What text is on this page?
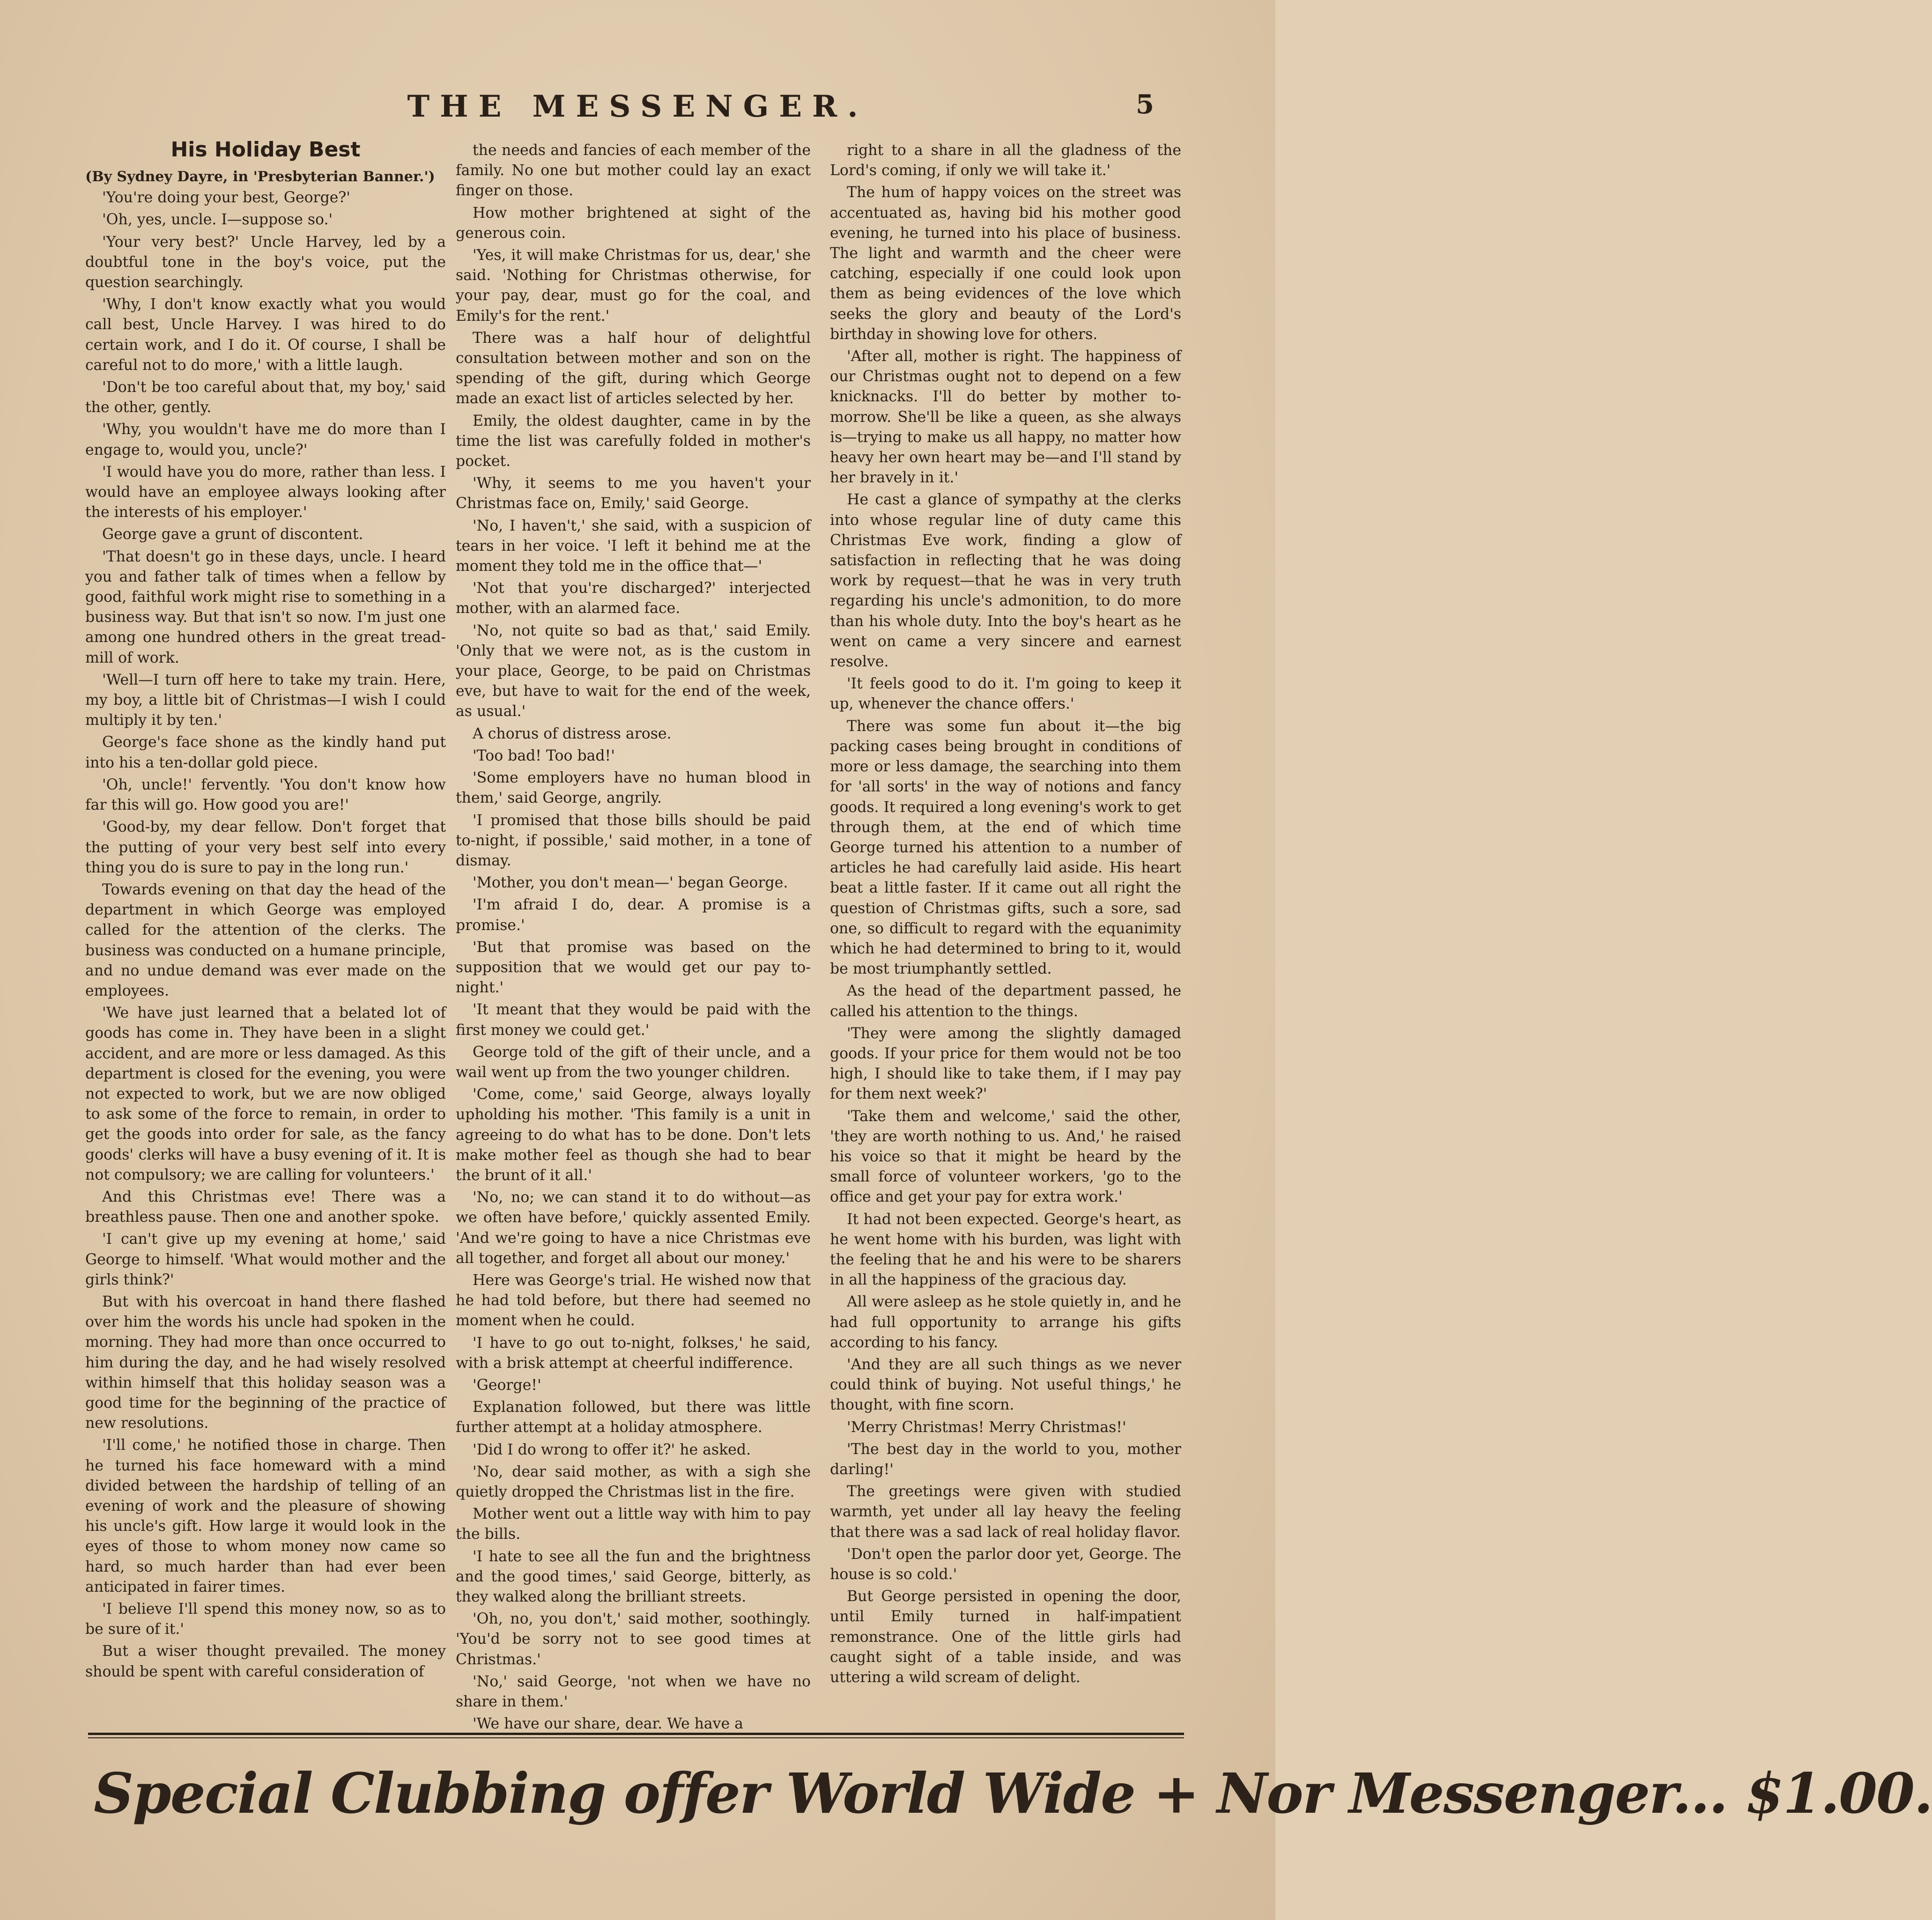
THE MESSENGER.	5
His Holiday Best

(By Sydney Dayre, in 'Presbyterian Banner.')

'You're doing your best, George?'

'Oh, yes, uncle. I—suppose so.'

'Your very best?' Uncle Harvey, led by a doubtful tone in the boy's voice, put the question searchingly.

'Why, I don't know exactly what you would call best, Uncle Harvey. I was hired to do certain work, and I do it. Of course, I shall be careful not to do more,' with a little laugh.

'Don't be too careful about that, my boy,' said the other, gently.

'Why, you wouldn't have me do more than I engage to, would you, uncle?'

'I would have you do more, rather than less. I would have an employee always looking after the interests of his employer.'

George gave a grunt of discontent.

'That doesn't go in these days, uncle. I heard you and father talk of times when a fellow by good, faithful work might rise to something in a business way. But that isn't so now. I'm just one among one hundred others in the great tread-mill of work.

'Well—I turn off here to take my train. Here, my boy, a little bit of Christmas—I wish I could multiply it by ten.'

George's face shone as the kindly hand put into his a ten-dollar gold piece.

'Oh, uncle!' fervently. 'You don't know how far this will go. How good you are!'

'Good-by, my dear fellow. Don't forget that the putting of your very best self into every thing you do is sure to pay in the long run.'

Towards evening on that day the head of the department in which George was employed called for the attention of the clerks. The business was conducted on a humane principle, and no undue demand was ever made on the employees.

'We have just learned that a belated lot of goods has come in. They have been in a slight accident, and are more or less damaged. As this department is closed for the evening, you were not expected to work, but we are now obliged to ask some of the force to remain, in order to get the goods into order for sale, as the fancy goods' clerks will have a busy evening of it. It is not compulsory; we are calling for volunteers.'

And this Christmas eve! There was a breathless pause. Then one and another spoke.

'I can't give up my evening at home,' said George to himself. 'What would mother and the girls think?'

But with his overcoat in hand there flashed over him the words his uncle had spoken in the morning. They had more than once occurred to him during the day, and he had wisely resolved within himself that this holiday season was a good time for the beginning of the practice of new resolutions.

'I'll come,' he notified those in charge. Then he turned his face homeward with a mind divided between the hardship of telling of an evening of work and the pleasure of showing his uncle's gift. How large it would look in the eyes of those to whom money now came so hard, so much harder than had ever been anticipated in fairer times.

'I believe I'll spend this money now, so as to be sure of it.'

But a wiser thought prevailed. The money should be spent with careful consideration of

the needs and fancies of each member of the family. No one but mother could lay an exact finger on those.

How mother brightened at sight of the generous coin.

'Yes, it will make Christmas for us, dear,' she said. 'Nothing for Christmas otherwise, for your pay, dear, must go for the coal, and Emily's for the rent.'

There was a half hour of delightful consultation between mother and son on the spending of the gift, during which George made an exact list of articles selected by her.

Emily, the oldest daughter, came in by the time the list was carefully folded in mother's pocket.

'Why, it seems to me you haven't your Christmas face on, Emily,' said George.

'No, I haven't,' she said, with a suspicion of tears in her voice. 'I left it behind me at the moment they told me in the office that—'

'Not that you're discharged?' interjected mother, with an alarmed face.

'No, not quite so bad as that,' said Emily. 'Only that we were not, as is the custom in your place, George, to be paid on Christmas eve, but have to wait for the end of the week, as usual.'

A chorus of distress arose.

'Too bad! Too bad!'

'Some employers have no human blood in them,' said George, angrily.

'I promised that those bills should be paid to-night, if possible,' said mother, in a tone of dismay.

'Mother, you don't mean—' began George.

'I'm afraid I do, dear. A promise is a promise.'

'But that promise was based on the supposition that we would get our pay to-night.'

'It meant that they would be paid with the first money we could get.'

George told of the gift of their uncle, and a wail went up from the two younger children.

'Come, come,' said George, always loyally upholding his mother. 'This family is a unit in agreeing to do what has to be done. Don't lets make mother feel as though she had to bear the brunt of it all.'

'No, no; we can stand it to do without—as we often have before,' quickly assented Emily. 'And we're going to have a nice Christmas eve all together, and forget all about our money.'

Here was George's trial. He wished now that he had told before, but there had seemed no moment when he could.

'I have to go out to-night, folkses,' he said, with a brisk attempt at cheerful indifference.

'George!'

Explanation followed, but there was little further attempt at a holiday atmosphere.

'Did I do wrong to offer it?' he asked.

'No, dear said mother, as with a sigh she quietly dropped the Christmas list in the fire.

Mother went out a little way with him to pay the bills.

'I hate to see all the fun and the brightness and the good times,' said George, bitterly, as they walked along the brilliant streets.

'Oh, no, you don't,' said mother, soothingly. 'You'd be sorry not to see good times at Christmas.'

'No,' said George, 'not when we have no share in them.'

'We have our share, dear. We have a

right to a share in all the gladness of the Lord's coming, if only we will take it.'

The hum of happy voices on the street was accentuated as, having bid his mother good evening, he turned into his place of business. The light and warmth and the cheer were catching, especially if one could look upon them as being evidences of the love which seeks the glory and beauty of the Lord's birthday in showing love for others.

'After all, mother is right. The happiness of our Christmas ought not to depend on a few knicknacks. I'll do better by mother to-morrow. She'll be like a queen, as she always is—trying to make us all happy, no matter how heavy her own heart may be—and I'll stand by her bravely in it.'

He cast a glance of sympathy at the clerks into whose regular line of duty came this Christmas Eve work, finding a glow of satisfaction in reflecting that he was doing work by request—that he was in very truth regarding his uncle's admonition, to do more than his whole duty. Into the boy's heart as he went on came a very sincere and earnest resolve.

'It feels good to do it. I'm going to keep it up, whenever the chance offers.'

There was some fun about it—the big packing cases being brought in conditions of more or less damage, the searching into them for 'all sorts' in the way of notions and fancy goods. It required a long evening's work to get through them, at the end of which time George turned his attention to a number of articles he had carefully laid aside. His heart beat a little faster. If it came out all right the question of Christmas gifts, such a sore, sad one, so difficult to regard with the equanimity which he had determined to bring to it, would be most triumphantly settled.

As the head of the department passed, he called his attention to the things.

'They were among the slightly damaged goods. If your price for them would not be too high, I should like to take them, if I may pay for them next week?'

'Take them and welcome,' said the other, 'they are worth nothing to us. And,' he raised his voice so that it might be heard by the small force of volunteer workers, 'go to the office and get your pay for extra work.'

It had not been expected. George's heart, as he went home with his burden, was light with the feeling that he and his were to be sharers in all the happiness of the gracious day.

All were asleep as he stole quietly in, and he had full opportunity to arrange his gifts according to his fancy.

'And they are all such things as we never could think of buying. Not useful things,' he thought, with fine scorn.

'Merry Christmas! Merry Christmas!'

'The best day in the world to you, mother darling!'

The greetings were given with studied warmth, yet under all lay heavy the feeling that there was a sad lack of real holiday flavor.

'Don't open the parlor door yet, George. The house is so cold.'

But George persisted in opening the door, until Emily turned in half-impatient remonstrance. One of the little girls had caught sight of a table inside, and was uttering a wild scream of delight.

Special Clubbing offer World Wide + Nor Messenger... $1.00.
